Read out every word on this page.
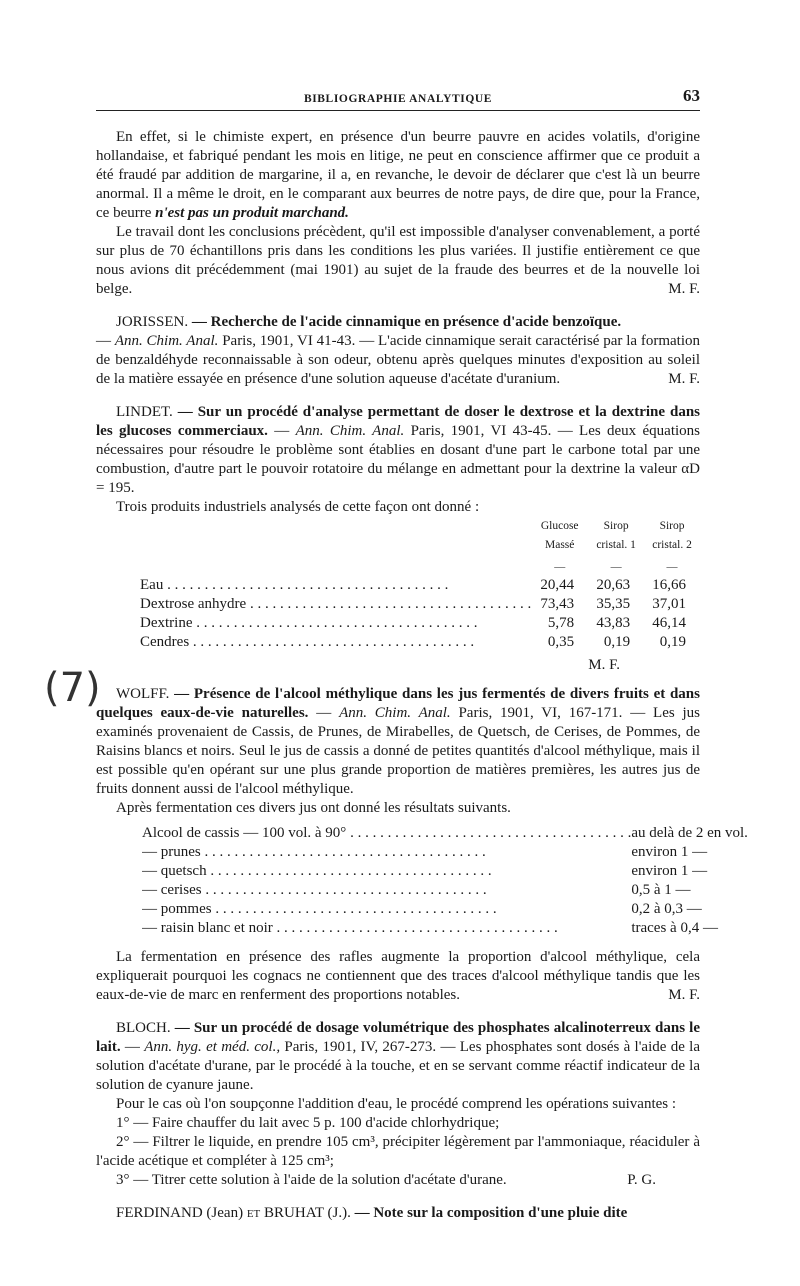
BIBLIOGRAPHIE ANALYTIQUE	63
(7)

En effet, si le chimiste expert, en présence d'un beurre pauvre en acides volatils, d'origine hollandaise, et fabriqué pendant les mois en litige, ne peut en conscience affirmer que ce produit a été fraudé par addition de margarine, il a, en revanche, le devoir de déclarer que c'est là un beurre anormal. Il a même le droit, en le comparant aux beurres de notre pays, de dire que, pour la France, ce beurre n'est pas un produit marchand.

Le travail dont les conclusions précèdent, qu'il est impossible d'analyser convenablement, a porté sur plus de 70 échantillons pris dans les conditions les plus variées. Il justifie entièrement ce que nous avions dit précédemment (mai 1901) au sujet de la fraude des beurres et de la nouvelle loi belge.	M. F.

JORISSEN. — Recherche de l'acide cinnamique en présence d'acide benzoïque.
— Ann. Chim. Anal. Paris, 1901, VI 41-43. — L'acide cinnamique serait caractérisé par la formation de benzaldéhyde reconnaissable à son odeur, obtenu après quelques minutes d'exposition au soleil de la matière essayée en présence d'une solution aqueuse d'acétate d'uranium.	M. F.

LINDET. — Sur un procédé d'analyse permettant de doser le dextrose et la dextrine dans les glucoses commerciaux. — Ann. Chim. Anal. Paris, 1901, VI 43-45. — Les deux équations nécessaires pour résoudre le problème sont établies en dosant d'une part le carbone total par une combustion, d'autre part le pouvoir rotatoire du mélange en admettant pour la dextrine la valeur αD = 195.

Trois produits industriels analysés de cette façon ont donné :

	Glucose Massé	Sirop cristal. 1	Sirop cristal. 2
	—	—	—
Eau . . .	20,44	20,63	16,66
Dextrose anhydre . . .	73,43	35,35	37,01
Dextrine . . .	5,78	43,83	46,14
Cendres . . .	0,35	0,19	0,19

M. F.

WOLFF. — Présence de l'alcool méthylique dans les jus fermentés de divers fruits et dans quelques eaux-de-vie naturelles. — Ann. Chim. Anal. Paris, 1901, VI, 167-171. — Les jus examinés provenaient de Cassis, de Prunes, de Mirabelles, de Quetsch, de Cerises, de Pommes, de Raisins blancs et noirs. Seul le jus de cassis a donné de petites quantités d'alcool méthylique, mais il est possible qu'en opérant sur une plus grande proportion de matières premières, les autres jus de fruits donnent aussi de l'alcool méthylique.

Après fermentation ces divers jus ont donné les résultats suivants.

Alcool de cassis — 100 vol. à 90° . . .	au delà de 2 en vol.
— prunes . . .	environ 1 —
— quetsch . . .	environ 1 —
— cerises . . .	0,5 à 1 —
— pommes . . .	0,2 à 0,3 —
— raisin blanc et noir . . .	traces à 0,4 —

La fermentation en présence des rafles augmente la proportion d'alcool méthylique, cela expliquerait pourquoi les cognacs ne contiennent que des traces d'alcool méthylique tandis que les eaux-de-vie de marc en renferment des proportions notables.	M. F.

BLOCH. — Sur un procédé de dosage volumétrique des phosphates alcalinoterreux dans le lait. — Ann. hyg. et méd. col., Paris, 1901, IV, 267-273. — Les phosphates sont dosés à l'aide de la solution d'acétate d'urane, par le procédé à la touche, et en se servant comme réactif indicateur de la solution de cyanure jaune.

Pour le cas où l'on soupçonne l'addition d'eau, le procédé comprend les opérations suivantes :

1° — Faire chauffer du lait avec 5 p. 100 d'acide chlorhydrique;

2° — Filtrer le liquide, en prendre 105 cm³, précipiter légèrement par l'ammoniaque, réaciduler à l'acide acétique et compléter à 125 cm³;

3° — Titrer cette solution à l'aide de la solution d'acétate d'urane.	P. G.

FERDINAND (Jean) ET BRUHAT (J.). — Note sur la composition d'une pluie dite
